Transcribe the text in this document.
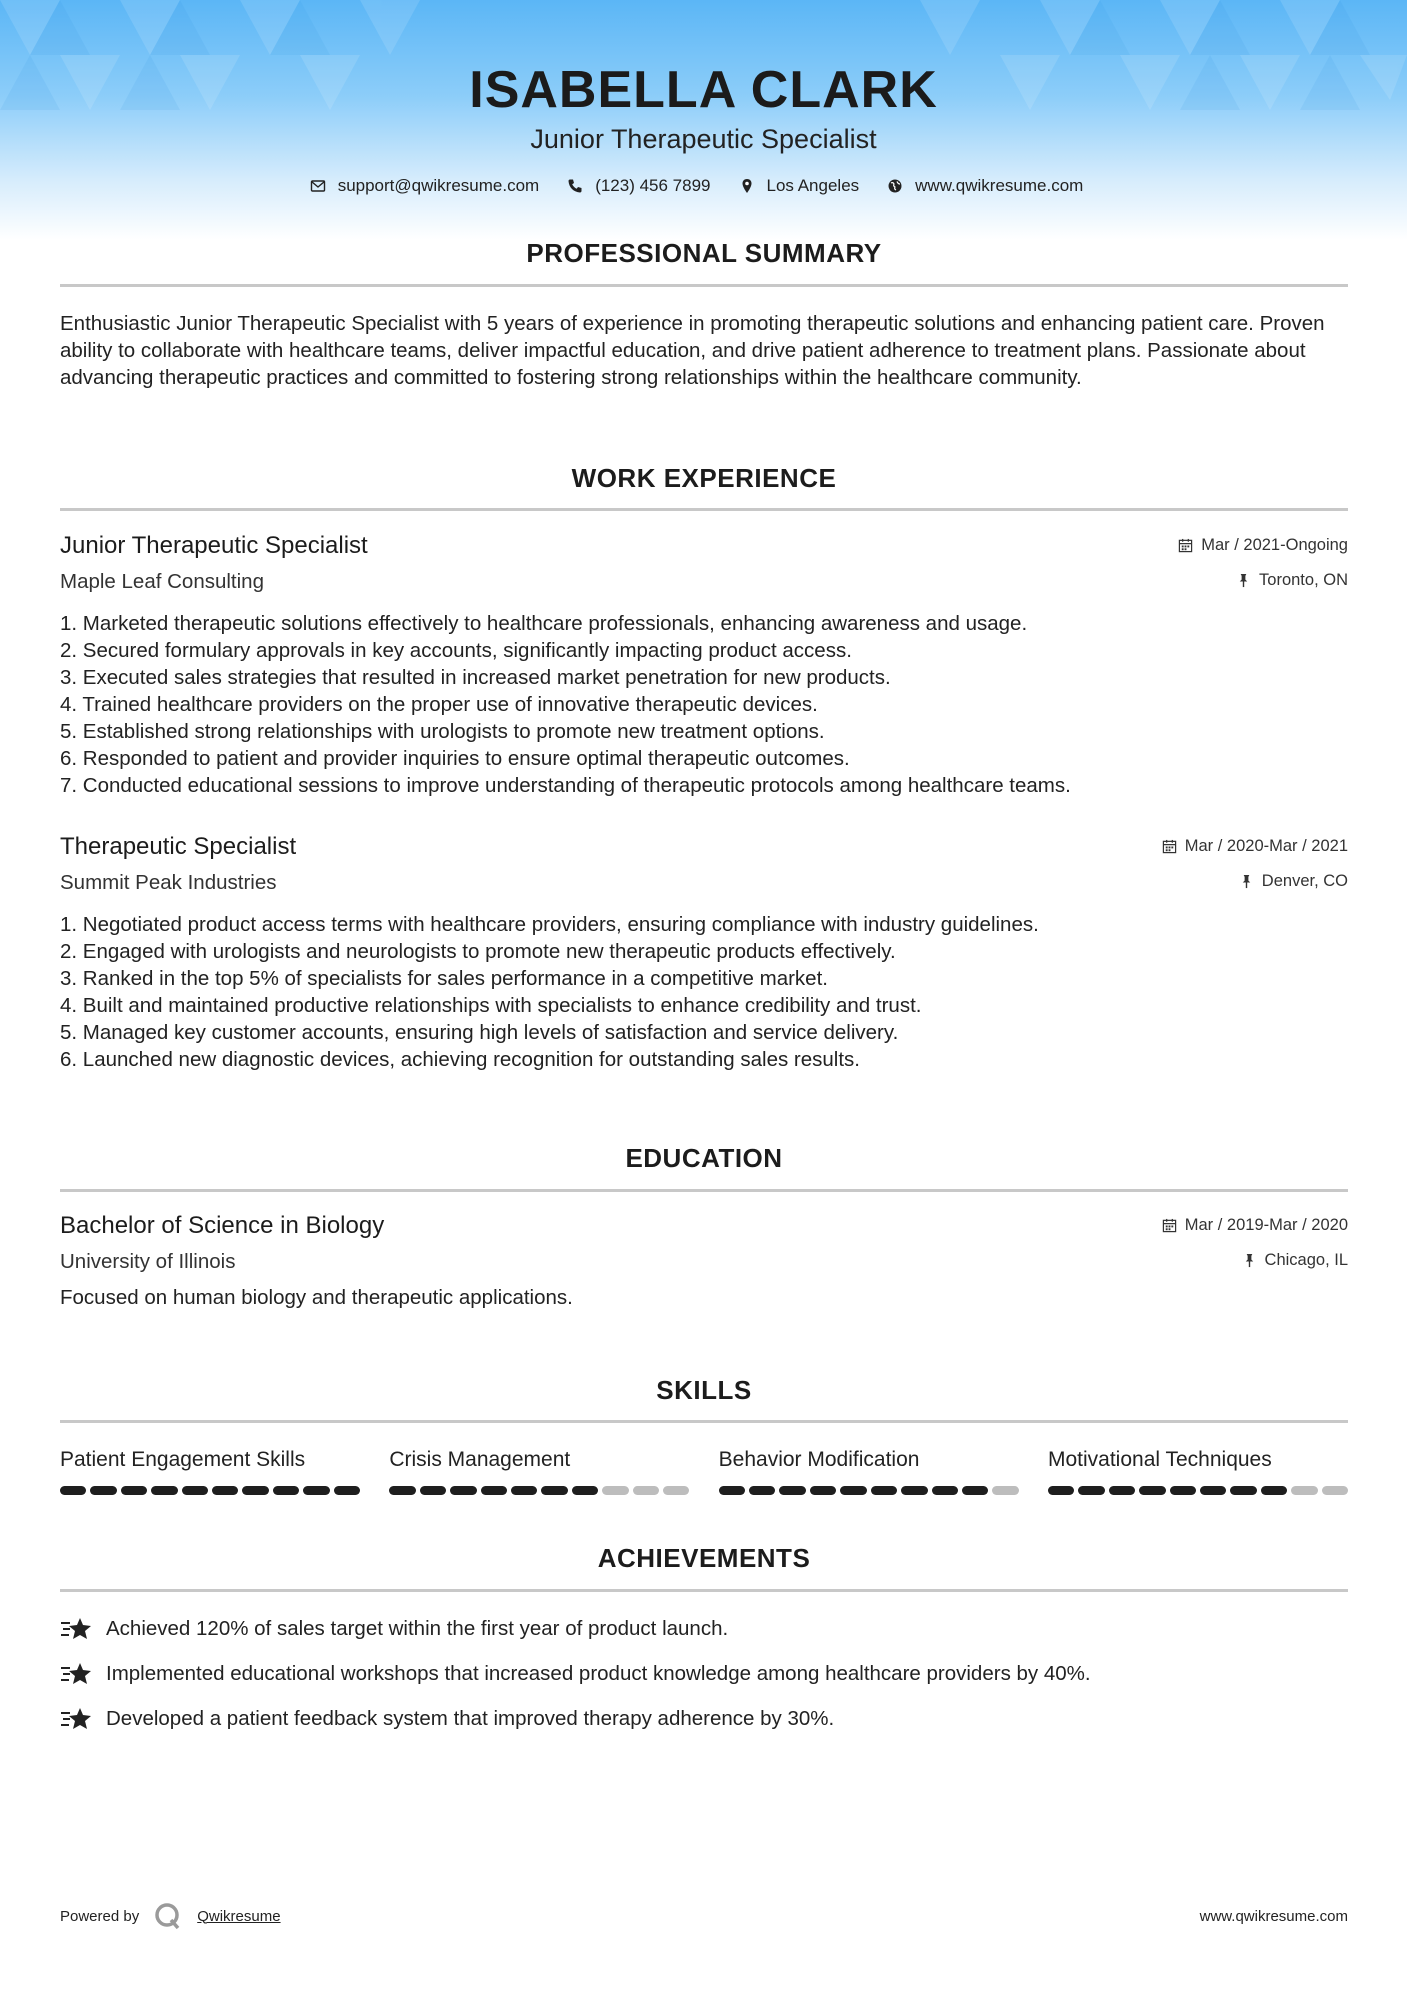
ISABELLA CLARK
Junior Therapeutic Specialist
support@qwikresume.com	(123) 456 7899	Los Angeles	www.qwikresume.com
PROFESSIONAL SUMMARY
Enthusiastic Junior Therapeutic Specialist with 5 years of experience in promoting therapeutic solutions and enhancing patient care. Proven ability to collaborate with healthcare teams, deliver impactful education, and drive patient adherence to treatment plans. Passionate about advancing therapeutic practices and committed to fostering strong relationships within the healthcare community.
WORK EXPERIENCE
Junior Therapeutic Specialist	Mar / 2021-Ongoing
Maple Leaf Consulting	Toronto, ON
1. Marketed therapeutic solutions effectively to healthcare professionals, enhancing awareness and usage.
2. Secured formulary approvals in key accounts, significantly impacting product access.
3. Executed sales strategies that resulted in increased market penetration for new products.
4. Trained healthcare providers on the proper use of innovative therapeutic devices.
5. Established strong relationships with urologists to promote new treatment options.
6. Responded to patient and provider inquiries to ensure optimal therapeutic outcomes.
7. Conducted educational sessions to improve understanding of therapeutic protocols among healthcare teams.
Therapeutic Specialist	Mar / 2020-Mar / 2021
Summit Peak Industries	Denver, CO
1. Negotiated product access terms with healthcare providers, ensuring compliance with industry guidelines.
2. Engaged with urologists and neurologists to promote new therapeutic products effectively.
3. Ranked in the top 5% of specialists for sales performance in a competitive market.
4. Built and maintained productive relationships with specialists to enhance credibility and trust.
5. Managed key customer accounts, ensuring high levels of satisfaction and service delivery.
6. Launched new diagnostic devices, achieving recognition for outstanding sales results.
EDUCATION
Bachelor of Science in Biology	Mar / 2019-Mar / 2020
University of Illinois	Chicago, IL
Focused on human biology and therapeutic applications.
SKILLS
Patient Engagement Skills	Crisis Management	Behavior Modification	Motivational Techniques
ACHIEVEMENTS
Achieved 120% of sales target within the first year of product launch.
Implemented educational workshops that increased product knowledge among healthcare providers by 40%.
Developed a patient feedback system that improved therapy adherence by 30%.
Powered by	Qwikresume	www.qwikresume.com
